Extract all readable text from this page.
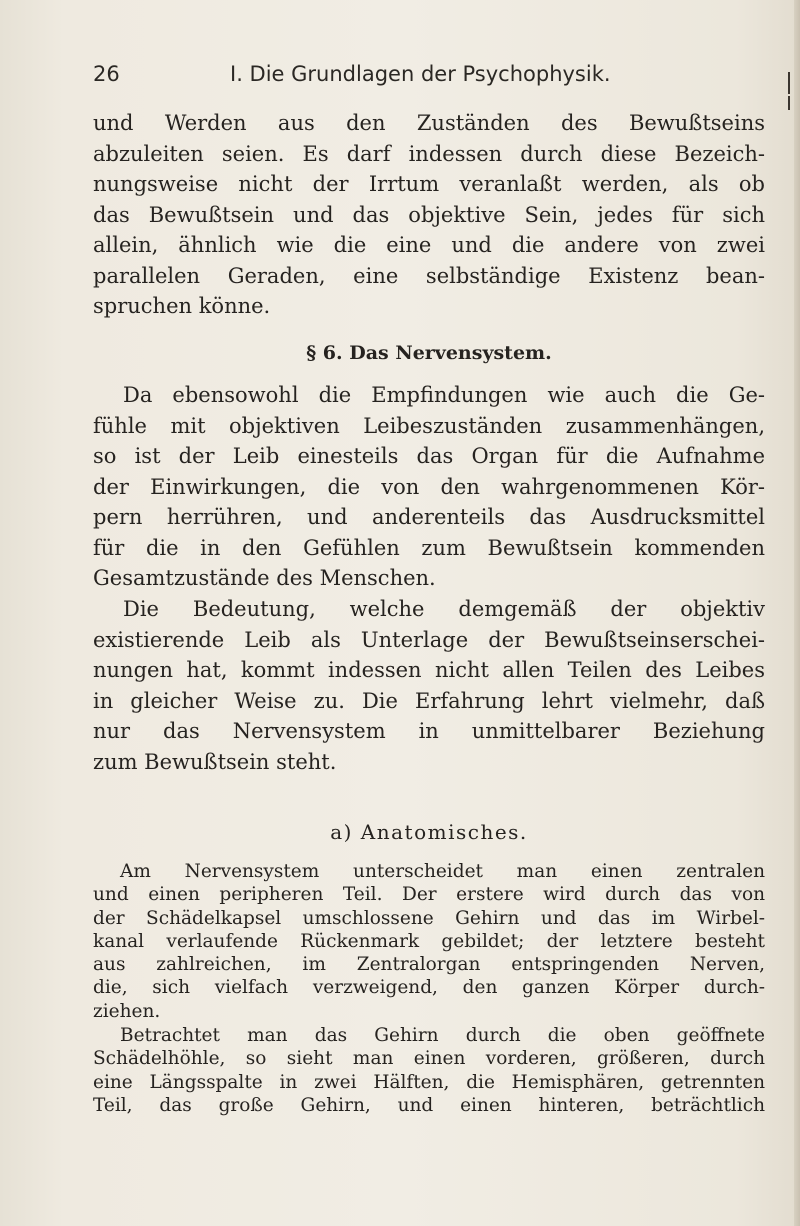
26	I. Die Grundlagen der Psychophysik.
und Werden aus den Zuständen des Bewußtseins
abzuleiten seien. Es darf indessen durch diese Bezeich-
nungsweise nicht der Irrtum veranlaßt werden, als ob
das Bewußtsein und das objektive Sein, jedes für sich
allein, ähnlich wie die eine und die andere von zwei
parallelen Geraden, eine selbständige Existenz bean-
spruchen könne.
§ 6. Das Nervensystem.
Da ebensowohl die Empfindungen wie auch die Ge-
fühle mit objektiven Leibeszuständen zusammenhängen,
so ist der Leib einesteils das Organ für die Aufnahme
der Einwirkungen, die von den wahrgenommenen Kör-
pern herrühren, und anderenteils das Ausdrucksmittel
für die in den Gefühlen zum Bewußtsein kommenden
Gesamtzustände des Menschen.
Die Bedeutung, welche demgemäß der objektiv
existierende Leib als Unterlage der Bewußtseinserschei-
nungen hat, kommt indessen nicht allen Teilen des Leibes
in gleicher Weise zu. Die Erfahrung lehrt vielmehr, daß
nur das Nervensystem in unmittelbarer Beziehung
zum Bewußtsein steht.
a) Anatomisches.
Am Nervensystem unterscheidet man einen zentralen
und einen peripheren Teil. Der erstere wird durch das von
der Schädelkapsel umschlossene Gehirn und das im Wirbel-
kanal verlaufende Rückenmark gebildet; der letztere besteht
aus zahlreichen, im Zentralorgan entspringenden Nerven,
die, sich vielfach verzweigend, den ganzen Körper durch-
ziehen.
Betrachtet man das Gehirn durch die oben geöffnete
Schädelhöhle, so sieht man einen vorderen, größeren, durch
eine Längsspalte in zwei Hälften, die Hemisphären, getrennten
Teil, das große Gehirn, und einen hinteren, beträchtlich
